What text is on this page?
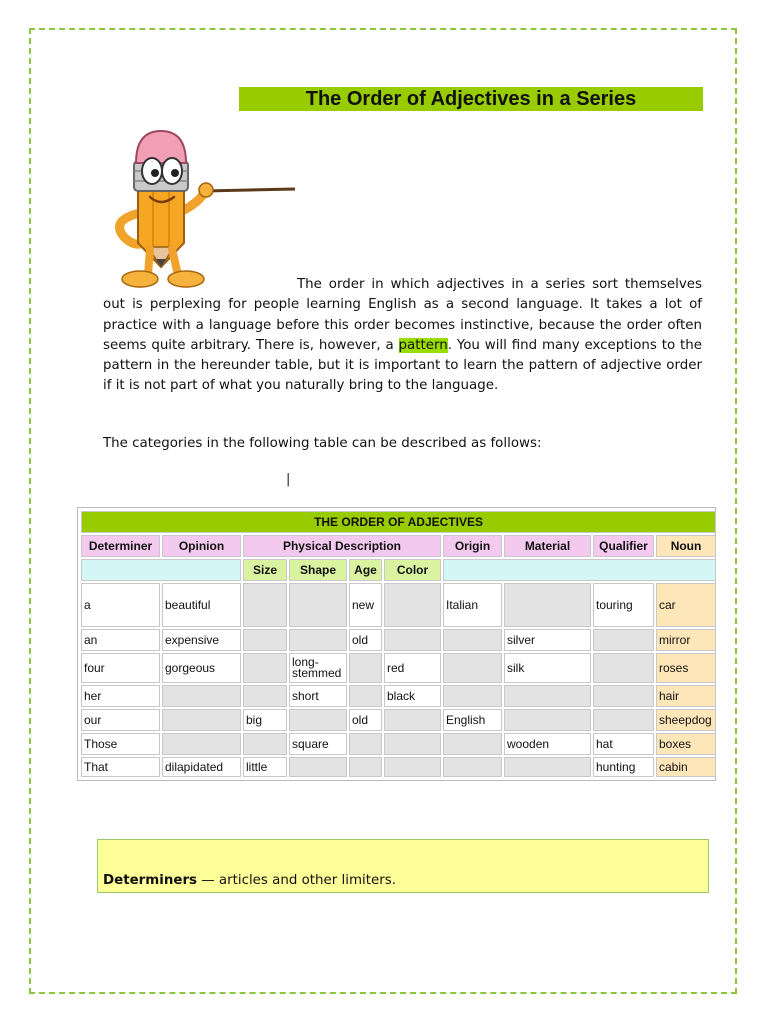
The Order of Adjectives in a Series

The order in which adjectives in a series sort themselves out is perplexing for people learning English as a second language. It takes a lot of practice with a language before this order becomes instinctive, because the order often seems quite arbitrary. There is, however, a pattern. You will find many exceptions to the pattern in the hereunder table, but it is important to learn the pattern of adjective order if it is not part of what you naturally bring to the language.

The categories in the following table can be described as follows:

|
THE ORDER OF ADJECTIVES									
Determiner	Opinion	Physical Description				Origin	Material	Qualifier	Noun
		Size	Shape	Age	Color				
a	beautiful			new		Italian		touring	car
an	expensive			old			silver		mirror
four	gorgeous		long-stemmed		red		silk		roses
her			short		black				hair
our		big		old		English			sheepdog
Those			square				wooden	hat	boxes
That	dilapidated	little						hunting	cabin

Determiners — articles and other limiters.
